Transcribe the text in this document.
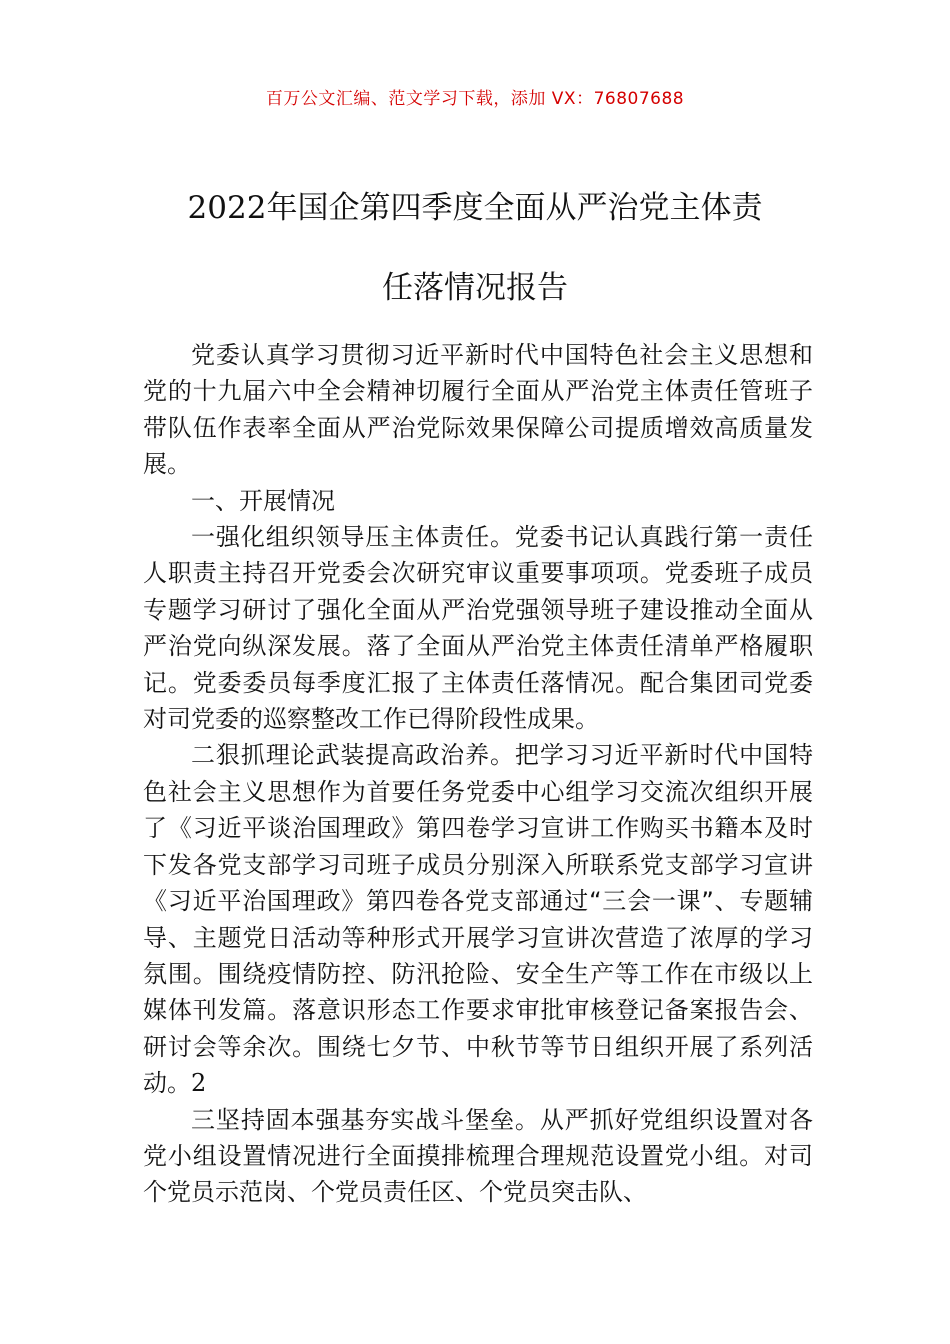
百万公文汇编、范文学习下载，添加 VX：76807688
2022年国企第四季度全面从严治党主体责
任落情况报告

党委认真学习贯彻习近平新时代中国特色社会主义思想和党的十九届六中全会精神切履行全面从严治党主体责任管班子带队伍作表率全面从严治党际效果保障公司提质增效高质量发展。

一、开展情况

一强化组织领导压主体责任。党委书记认真践行第一责任人职责主持召开党委会次研究审议重要事项项。党委班子成员专题学习研讨了强化全面从严治党强领导班子建设推动全面从严治党向纵深发展。落了全面从严治党主体责任清单严格履职记。党委委员每季度汇报了主体责任落情况。配合集团司党委对司党委的巡察整改工作已得阶段性成果。

二狠抓理论武装提高政治养。把学习习近平新时代中国特色社会主义思想作为首要任务党委中心组学习交流次组织开展了《习近平谈治国理政》第四卷学习宣讲工作购买书籍本及时下发各党支部学习司班子成员分别深入所联系党支部学习宣讲《习近平治国理政》第四卷各党支部通过“三会一课”、专题辅导、主题党日活动等种形式开展学习宣讲次营造了浓厚的学习氛围。围绕疫情防控、防汛抢险、安全生产等工作在市级以上媒体刊发篇。落意识形态工作要求审批审核登记备案报告会、研讨会等余次。围绕七夕节、中秋节等节日组织开展了系列活动。2

三坚持固本强基夯实战斗堡垒。从严抓好党组织设置对各党小组设置情况进行全面摸排梳理合理规范设置党小组。对司个党员示范岗、个党员责任区、个党员突击队、
